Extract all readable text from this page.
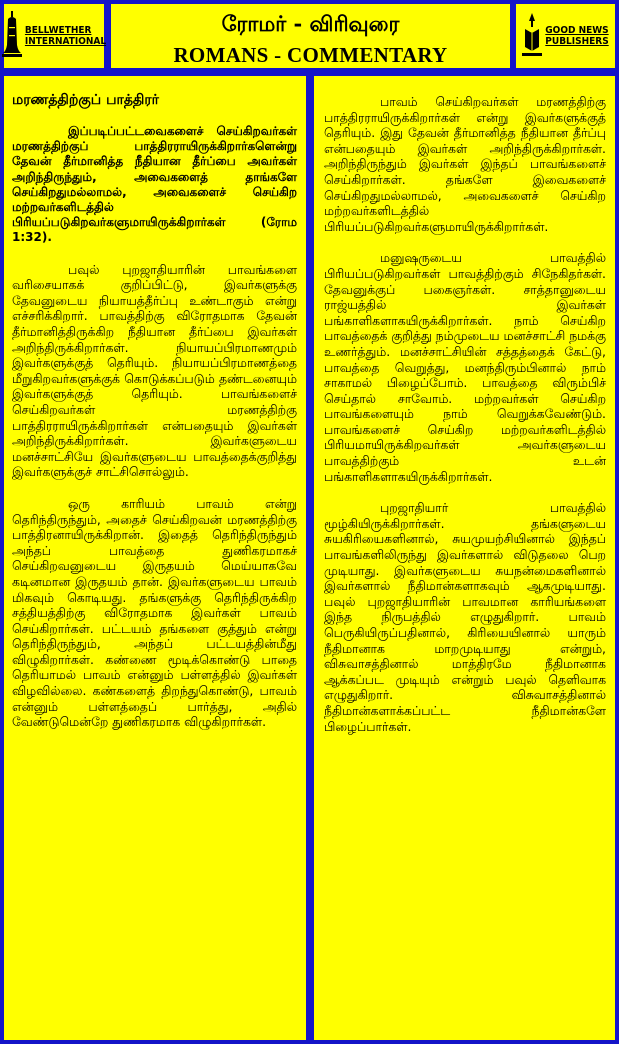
BELLWETHER
INTERNATIONAL
ரோமர் - விரிவுரை
ROMANS - COMMENTARY
GOOD NEWS
PUBLISHERS
மரணத்திற்குப் பாத்திரர்

இப்படிப்பட்டவைகளைச் செய்கிறவர்கள் மரணத்திற்குப் பாத்திரராயிருக்கிறார்களென்று தேவன் தீர்மானித்த நீதியான தீர்ப்பை அவர்கள் அறிந்திருந்தும், அவைகளைத் தாங்களே செய்கிறதுமல்லாமல், அவைகளைச் செய்கிற மற்றவர்களிடத்தில் பிரியப்படுகிறவர்களுமாயிருக்கிறார்கள் (ரோம 1:32).

பவுல் புறஜாதியாரின் பாவங்களை வரிசையாகக் குறிப்பிட்டு, இவர்களுக்கு தேவனுடைய நியாயத்தீர்ப்பு உண்டாகும் என்று எச்சரிக்கிறார். பாவத்திற்கு விரோதமாக தேவன் தீர்மானித்திருக்கிற நீதியான தீர்ப்பை இவர்கள் அறிந்திருக்கிறார்கள். நியாயப்பிரமாணமும் இவர்களுக்குத் தெரியும். நியாயப்பிரமாணத்தை மீறுகிறவர்களுக்குக் கொடுக்கப்படும் தண்டனையும் இவர்களுக்குத் தெரியும். பாவங்களைச் செய்கிறவர்கள் மரணத்திற்கு பாத்திரராயிருக்கிறார்கள் என்பதையும் இவர்கள் அறிந்திருக்கிறார்கள். இவர்களுடைய மனச்சாட்சியே இவர்களுடைய பாவத்தைக்குறித்து இவர்களுக்குச் சாட்சிசொல்லும்.

ஒரு காரியம் பாவம் என்று தெரிந்திருந்தும், அதைச் செய்கிறவன் மரணத்திற்கு பாத்திரனாயிருக்கிறான். இதைத் தெரிந்திருந்தும் அந்தப் பாவத்தை துணிகரமாகச் செய்கிறவனுடைய இருதயம் மெய்யாகவே கடினமான இருதயம் தான். இவர்களுடைய பாவம் மிகவும் கொடியது. தங்களுக்கு தெரிந்திருக்கிற சத்தியத்திற்கு விரோதமாக இவர்கள் பாவம் செய்கிறார்கள். பட்டயம் தங்களை குத்தும் என்று தெரிந்திருந்தும், அந்தப் பட்டயத்தின்மீது விழுகிறார்கள். கண்ணை மூடிக்கொண்டு பாதை தெரியாமல் பாவம் என்னும் பள்ளத்தில் இவர்கள் விழவில்லை. கண்களைத் திறந்துகொண்டு, பாவம் என்னும் பள்ளத்தைப் பார்த்து, அதில் வேண்டுமென்றே துணிகரமாக விழுகிறார்கள்.

பாவம் செய்கிறவர்கள் மரணத்திற்கு பாத்திரராயிருக்கிறார்கள் என்று இவர்களுக்குத் தெரியும். இது தேவன் தீர்மானித்த நீதியான தீர்ப்பு என்பதையும் இவர்கள் அறிந்திருக்கிறார்கள். அறிந்திருந்தும் இவர்கள் இந்தப் பாவங்களைச் செய்கிறார்கள். தங்களே இவைகளைச் செய்கிறதுமல்லாமல், அவைகளைச் செய்கிற மற்றவர்களிடத்தில் பிரியப்படுகிறவர்களுமாயிருக்கிறார்கள்.

மனுஷருடைய பாவத்தில் பிரியப்படுகிறவர்கள் பாவத்திற்கும் சிநேகிதர்கள். தேவனுக்குப் பகைஞர்கள். சாத்தானுடைய ராஜ்யத்தில் இவர்கள் பங்காளிகளாகயிருக்கிறார்கள். நாம் செய்கிற பாவத்தைக் குறித்து நம்முடைய மனச்சாட்சி நமக்கு உணர்த்தும். மனச்சாட்சியின் சத்தத்தைக் கேட்டு, பாவத்தை வெறுத்து, மனந்திரும்பினால் நாம் சாகாமல் பிழைப்போம். பாவத்தை விரும்பிச் செய்தால் சாவோம். மற்றவர்கள் செய்கிற பாவங்களையும் நாம் வெறுக்கவேண்டும். பாவங்களைச் செய்கிற மற்றவர்களிடத்தில் பிரியமாயிருக்கிறவர்கள் அவர்களுடைய பாவத்திற்கும் உடன் பங்காளிகளாகயிருக்கிறார்கள்.

புறஜாதியார் பாவத்தில் மூழ்கியிருக்கிறார்கள். தங்களுடைய சுயகிரியைகளினால், சுயமுயற்சியினால் இந்தப் பாவங்களிலிருந்து இவர்களால் விடுதலை பெற முடியாது. இவர்களுடைய சுயநன்மைகளினால் இவர்களால் நீதிமான்களாகவும் ஆகமுடியாது. பவுல் புறஜாதியாரின் பாவமான காரியங்களை இந்த நிருபத்தில் எழுதுகிறார். பாவம் பெருகியிருப்பதினால், கிரியையினால் யாரும் நீதிமானாக மாறமுடியாது என்றும், விசுவாசத்தினால் மாத்திரமே நீதிமானாக ஆக்கப்பட முடியும் என்றும் பவுல் தெளிவாக எழுதுகிறார். விசுவாசத்தினால் நீதிமான்களாக்கப்பட்ட நீதிமான்களே பிழைப்பார்கள்.
